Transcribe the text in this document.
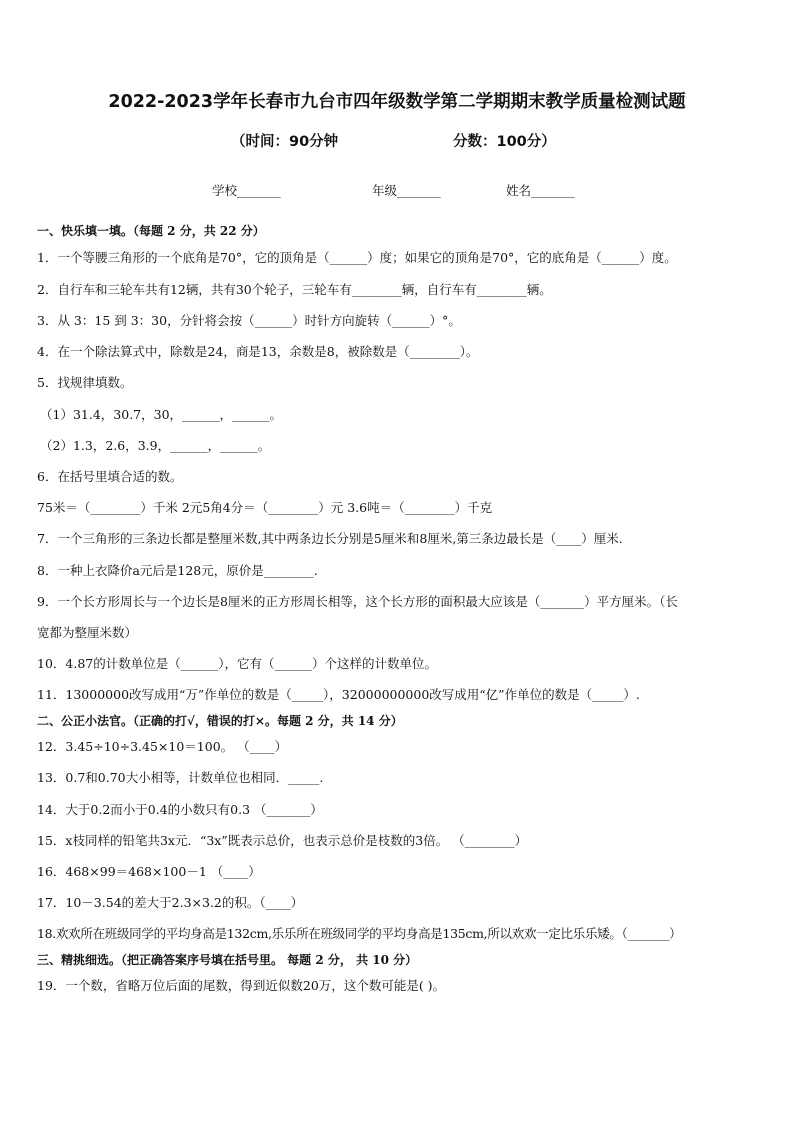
2022-2023学年长春市九台市四年级数学第二学期期末教学质量检测试题
（时间：90分钟	分数：100分）
学校_______	年级_______	姓名_______
一、快乐填一填。（每题 2 分，共 22 分）
1．一个等腰三角形的一个底角是70°，它的顶角是（______）度；如果它的顶角是70°，它的底角是（______）度。
2．自行车和三轮车共有12辆，共有30个轮子，三轮车有________辆，自行车有________辆。
3．从 3：15 到 3：30，分针将会按（______）时针方向旋转（______）°。
4．在一个除法算式中，除数是24，商是13，余数是8，被除数是（________）。
5．找规律填数。
（1）31.4，30.7，30，______，______。
（2）1.3，2.6，3.9，______，______。
6．在括号里填合适的数。
75米＝（________）千米 2元5角4分＝（________）元 3.6吨＝（________）千克
7．一个三角形的三条边长都是整厘米数,其中两条边长分别是5厘米和8厘米,第三条边最长是（____）厘米.
8．一种上衣降价a元后是128元，原价是________.
9．一个长方形周长与一个边长是8厘米的正方形周长相等，这个长方形的面积最大应该是（_______）平方厘米。（长
宽都为整厘米数）
10．4.87的计数单位是（______），它有（______）个这样的计数单位。
11．13000000改写成用“万”作单位的数是（_____），32000000000改写成用“亿”作单位的数是（_____）.
二、公正小法官。（正确的打√，错误的打×。每题 2 分，共 14 分）
12．3.45÷10÷3.45×10＝100。 （____）
13．0.7和0.70大小相等，计数单位也相同．_____.
14．大于0.2而小于0.4的小数只有0.3 （_______）
15．x枝同样的铅笔共3x元．“3x”既表示总价，也表示总价是枝数的3倍。 （________）
16．468×99＝468×100－1 （____）
17．10－3.54的差大于2.3×3.2的积。（____）
18.欢欢所在班级同学的平均身高是132cm,乐乐所在班级同学的平均身高是135cm,所以欢欢一定比乐乐矮。（_______）
三、精挑细选。（把正确答案序号填在括号里。 每题 2 分， 共 10 分）
19．一个数，省略万位后面的尾数，得到近似数20万，这个数可能是( )。
